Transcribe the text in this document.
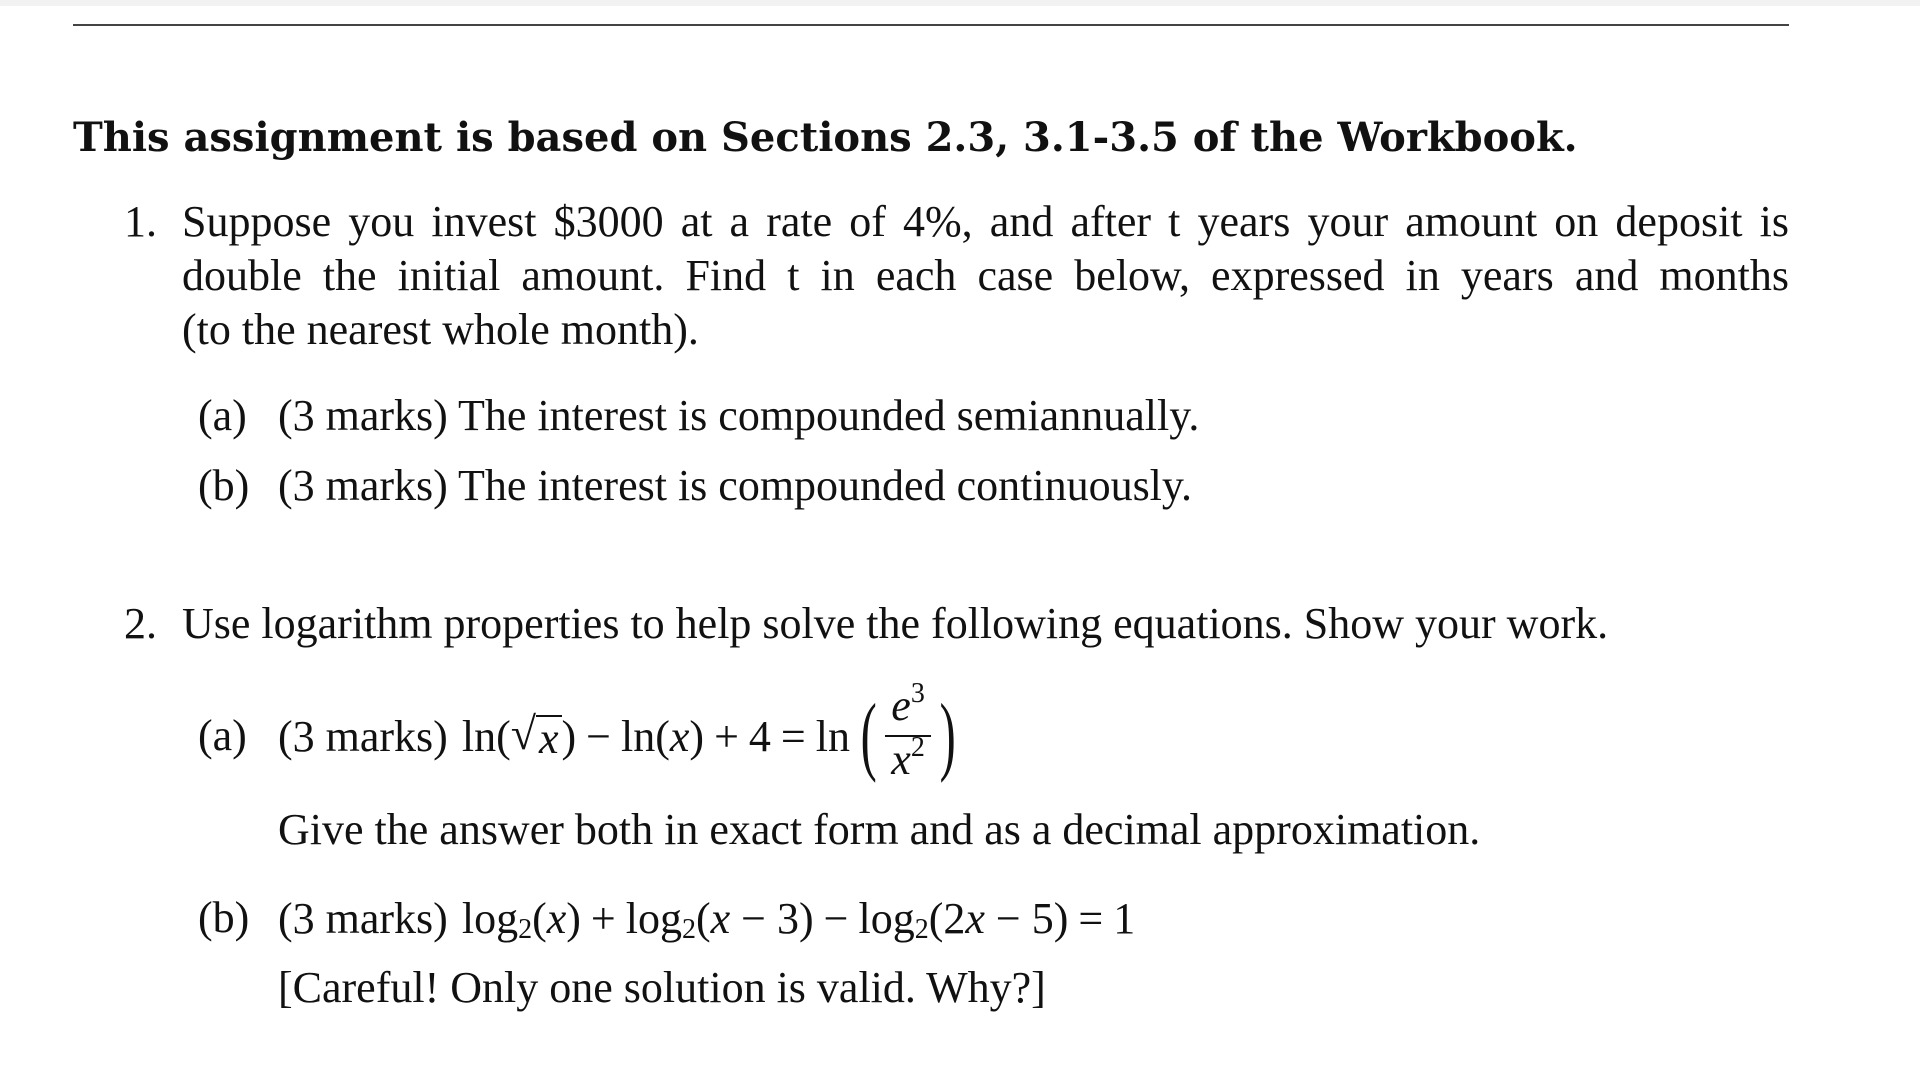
This assignment is based on Sections 2.3, 3.1-3.5 of the Workbook.
1. Suppose you invest $3000 at a rate of 4%, and after t years your amount on deposit is
double the initial amount. Find t in each case below, expressed in years and months
(to the nearest whole month).
(a) (3 marks) The interest is compounded semiannually.
(b) (3 marks) The interest is compounded continuously.
2. Use logarithm properties to help solve the following equations. Show your work.
(a) (3 marks) ln( √ x ) − ln( x ) + 4 = ln ( $\frac{e^3}{x^2}$ )
Give the answer both in exact form and as a decimal approximation.
(b) (3 marks) log 2 ( x ) + log 2 ( x − 3) − log 2 (2 x − 5) = 1
[Careful! Only one solution is valid. Why?]
